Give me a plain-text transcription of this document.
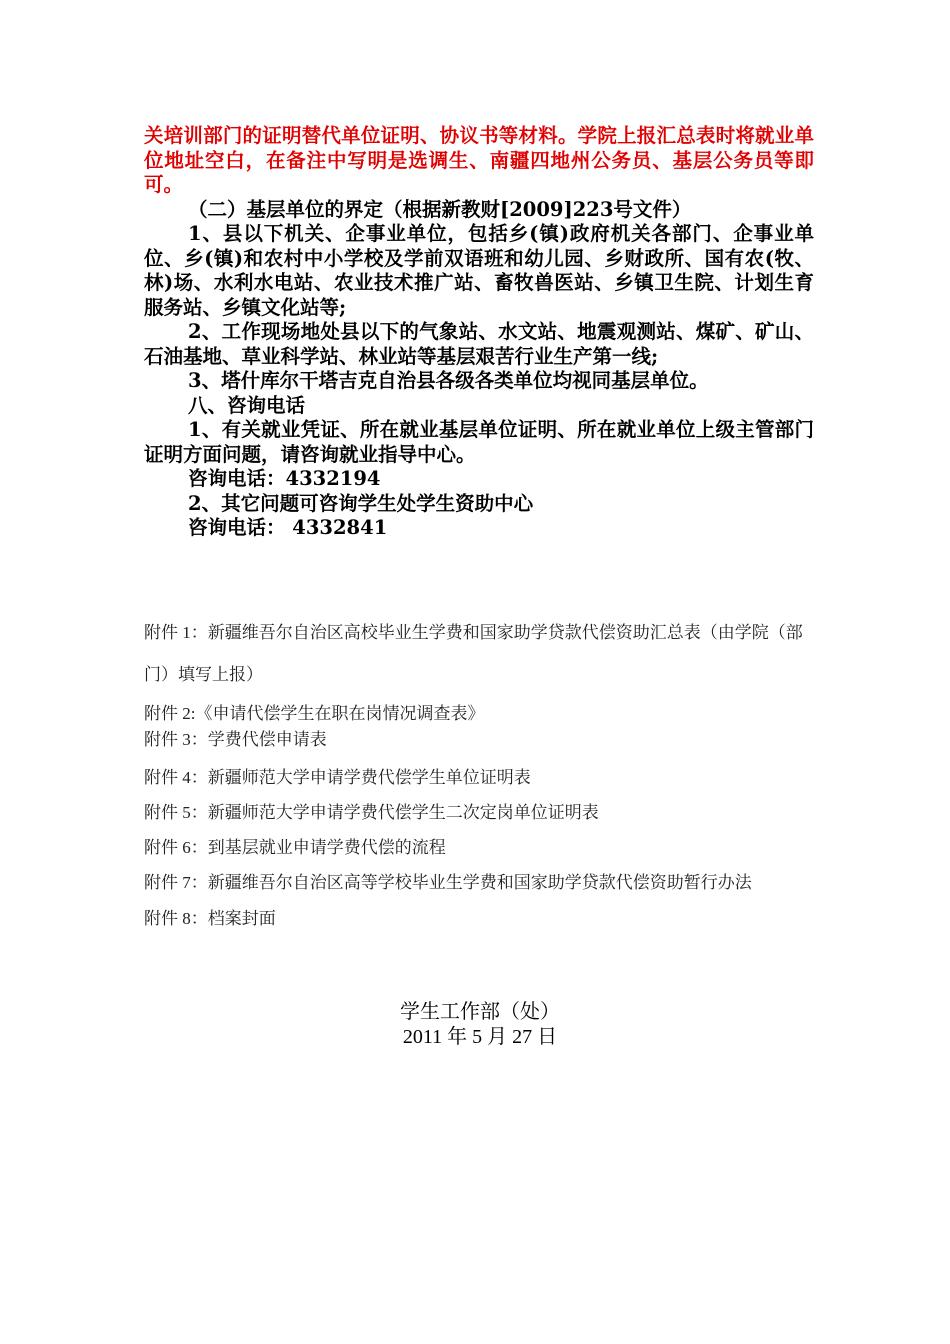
关培训部门的证明替代单位证明、协议书等材料。学院上报汇总表时将就业单位地址空白，在备注中写明是选调生、南疆四地州公务员、基层公务员等即可。

（二）基层单位的界定（根据新教财[2009]223号文件）

1、县以下机关、企事业单位，包括乡(镇)政府机关各部门、企事业单位、乡(镇)和农村中小学校及学前双语班和幼儿园、乡财政所、国有农(牧、林)场、水利水电站、农业技术推广站、畜牧兽医站、乡镇卫生院、计划生育服务站、乡镇文化站等;

2、工作现场地处县以下的气象站、水文站、地震观测站、煤矿、矿山、石油基地、草业科学站、林业站等基层艰苦行业生产第一线;

3、塔什库尔干塔吉克自治县各级各类单位均视同基层单位。

八、咨询电话

1、有关就业凭证、所在就业基层单位证明、所在就业单位上级主管部门证明方面问题，请咨询就业指导中心。

咨询电话：4332194

2、其它问题可咨询学生处学生资助中心

咨询电话： 4332841

附件 1：新疆维吾尔自治区高校毕业生学费和国家助学贷款代偿资助汇总表（由学院（部门）填写上报）

附件 2:《申请代偿学生在职在岗情况调查表》

附件 3：学费代偿申请表

附件 4：新疆师范大学申请学费代偿学生单位证明表

附件 5：新疆师范大学申请学费代偿学生二次定岗单位证明表

附件 6：到基层就业申请学费代偿的流程

附件 7：新疆维吾尔自治区高等学校毕业生学费和国家助学贷款代偿资助暂行办法

附件 8：档案封面

学生工作部（处）

2011 年 5 月 27 日
